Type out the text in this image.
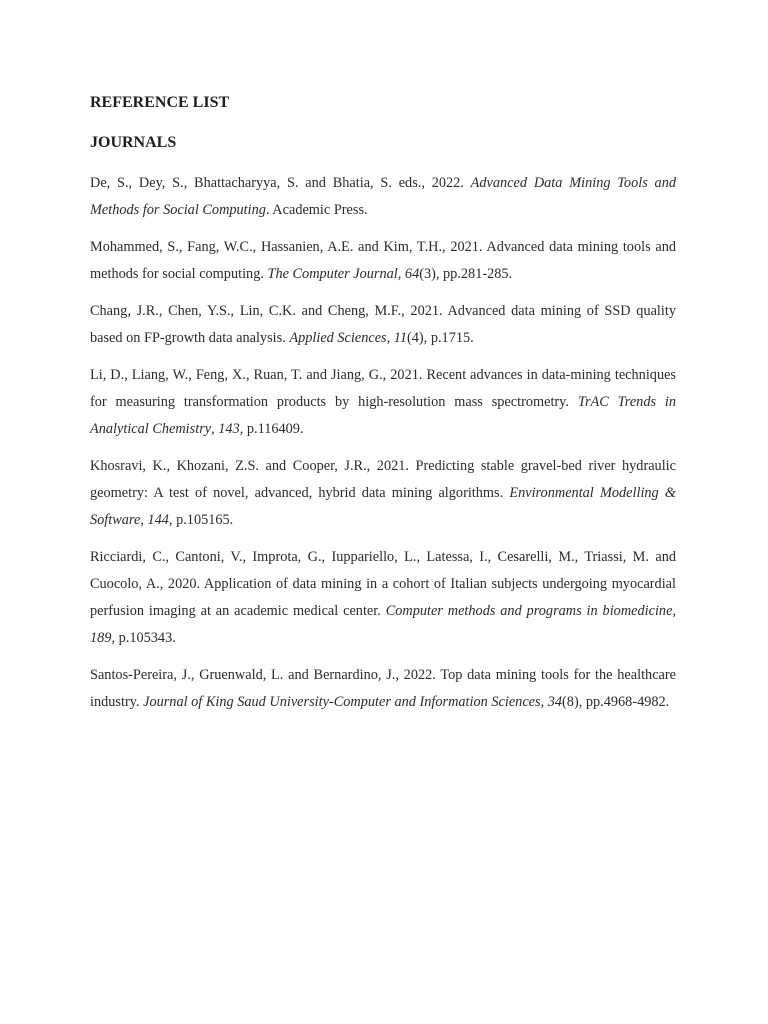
REFERENCE LIST
JOURNALS

De, S., Dey, S., Bhattacharyya, S. and Bhatia, S. eds., 2022. Advanced Data Mining Tools and Methods for Social Computing. Academic Press.

Mohammed, S., Fang, W.C., Hassanien, A.E. and Kim, T.H., 2021. Advanced data mining tools and methods for social computing. The Computer Journal, 64(3), pp.281-285.

Chang, J.R., Chen, Y.S., Lin, C.K. and Cheng, M.F., 2021. Advanced data mining of SSD quality based on FP-growth data analysis. Applied Sciences, 11(4), p.1715.

Li, D., Liang, W., Feng, X., Ruan, T. and Jiang, G., 2021. Recent advances in data-mining techniques for measuring transformation products by high-resolution mass spectrometry. TrAC Trends in Analytical Chemistry, 143, p.116409.

Khosravi, K., Khozani, Z.S. and Cooper, J.R., 2021. Predicting stable gravel-bed river hydraulic geometry: A test of novel, advanced, hybrid data mining algorithms. Environmental Modelling & Software, 144, p.105165.

Ricciardi, C., Cantoni, V., Improta, G., Iuppariello, L., Latessa, I., Cesarelli, M., Triassi, M. and Cuocolo, A., 2020. Application of data mining in a cohort of Italian subjects undergoing myocardial perfusion imaging at an academic medical center. Computer methods and programs in biomedicine, 189, p.105343.

Santos-Pereira, J., Gruenwald, L. and Bernardino, J., 2022. Top data mining tools for the healthcare industry. Journal of King Saud University-Computer and Information Sciences, 34(8), pp.4968-4982.
